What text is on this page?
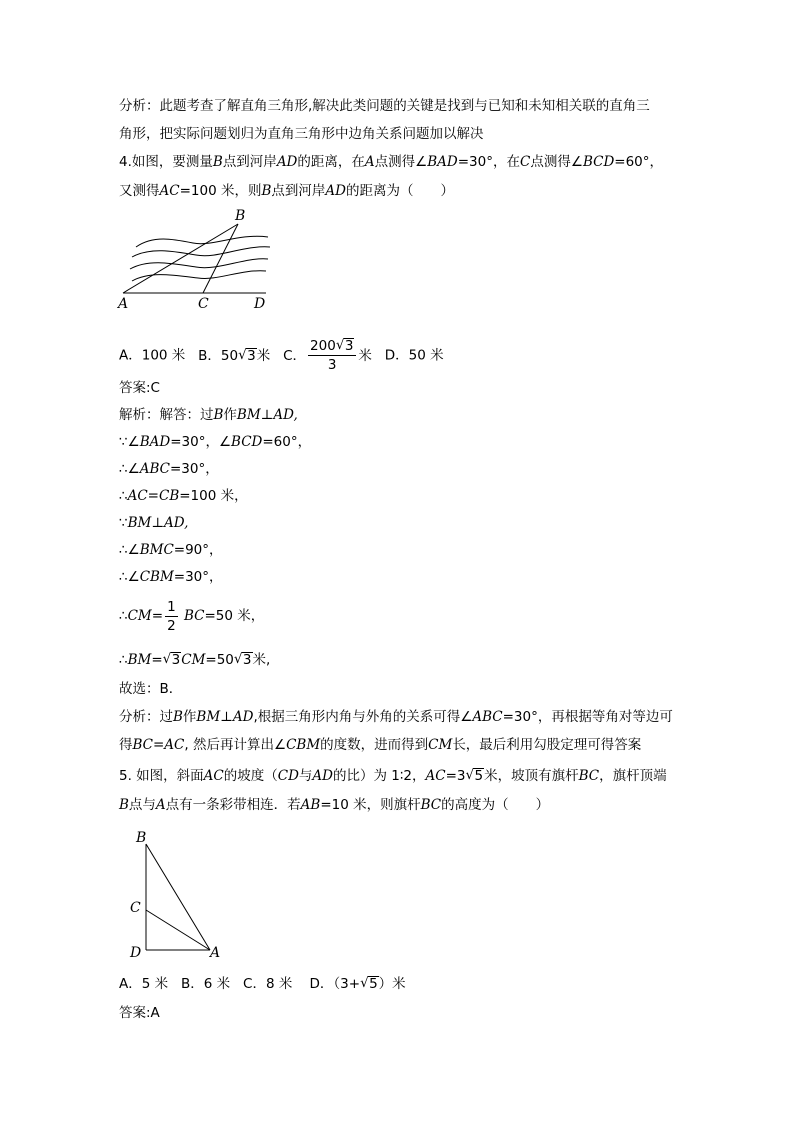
分析：此题考查了解直角三角形,解决此类问题的关键是找到与已知和未知相关联的直角三
角形，把实际问题划归为直角三角形中边角关系问题加以解决
4.如图，要测量B点到河岸AD的距离，在A点测得∠BAD=30°，在C点测得∠BCD=60°，
又测得AC=100 米，则B点到河岸AD的距离为（　　）
B
A	C	D
A．100 米 B．50 √ 3米 C． $\frac{200 √ 3}{3}$ 米 D．50 米
答案:C
解析：解答：过B作BM⊥AD,
∵∠BAD=30°，∠BCD=60°，
∴∠ABC=30°，
∴AC=CB=100 米，
∵BM⊥AD,
∴∠BMC=90°，
∴∠CBM=30°，
∴CM= $\frac{1}{2} BC=50$ 米，
∴BM= √ 3CM=50 √ 3米,
故选：B．
分析：过B作BM⊥AD,根据三角形内角与外角的关系可得∠ABC=30°，再根据等角对等边可
得BC=AC, 然后再计算出∠CBM的度数，进而得到CM长，最后利用勾股定理可得答案
5. 如图，斜面AC的坡度（CD与AD的比）为 1∶2，AC=3 √ 5米，坡顶有旗杆BC，旗杆顶端
B点与A点有一条彩带相连．若AB=10 米，则旗杆BC的高度为（　　）
B
C
D	A
A．5 米 B．6 米 C．8 米 D．（3+ √ 5）米
答案:A
